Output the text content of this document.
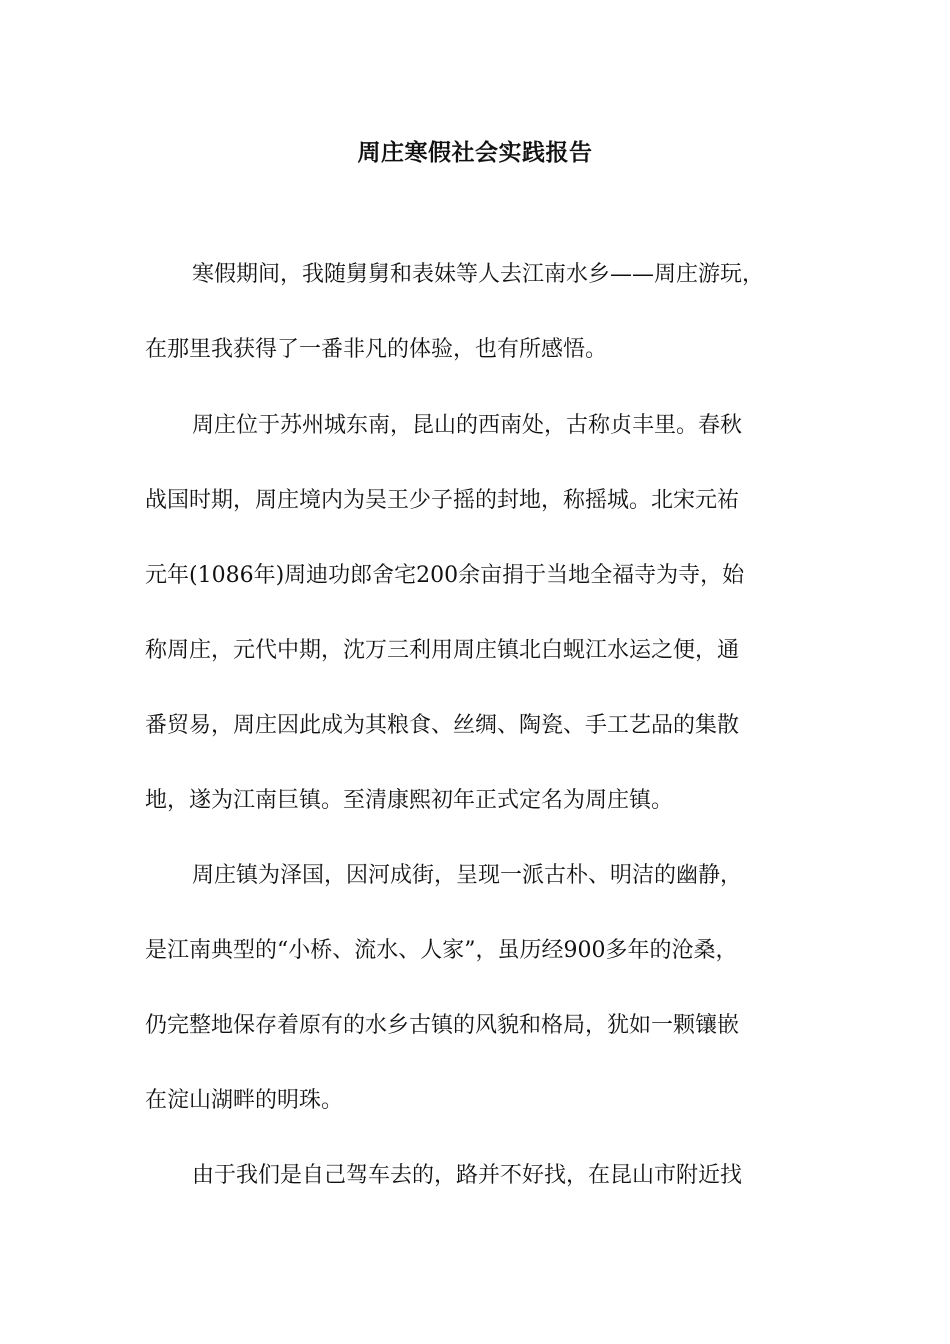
周庄寒假社会实践报告
寒假期间，我随舅舅和表妹等人去江南水乡——周庄游玩，
在那里我获得了一番非凡的体验，也有所感悟。
周庄位于苏州城东南，昆山的西南处，古称贞丰里。春秋
战国时期，周庄境内为吴王少子摇的封地，称摇城。北宋元祐
元年(1086年)周迪功郎舍宅200余亩捐于当地全福寺为寺，始
称周庄，元代中期，沈万三利用周庄镇北白蚬江水运之便，通
番贸易，周庄因此成为其粮食、丝绸、陶瓷、手工艺品的集散
地，遂为江南巨镇。至清康熙初年正式定名为周庄镇。
周庄镇为泽国，因河成街，呈现一派古朴、明洁的幽静，
是江南典型的“小桥、流水、人家”，虽历经900多年的沧桑，
仍完整地保存着原有的水乡古镇的风貌和格局，犹如一颗镶嵌
在淀山湖畔的明珠。
由于我们是自己驾车去的，路并不好找，在昆山市附近找
